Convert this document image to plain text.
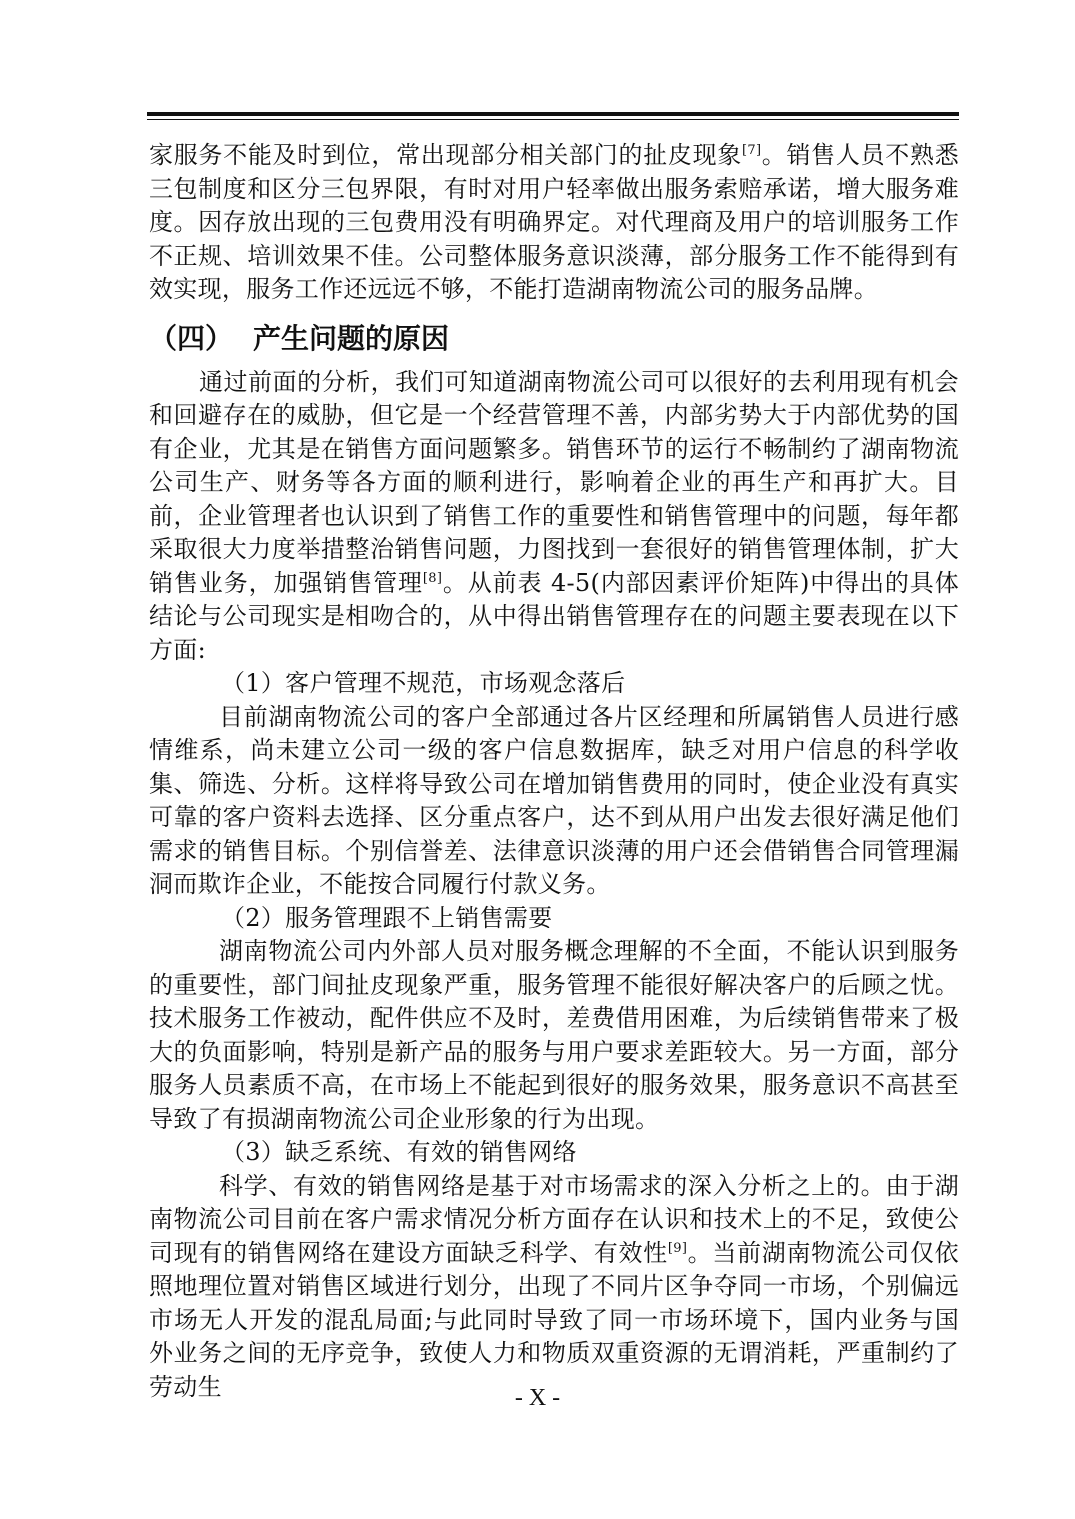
家服务不能及时到位，常出现部分相关部门的扯皮现象[7]。销售人员不熟悉三包制度和区分三包界限，有时对用户轻率做出服务索赔承诺，增大服务难度。因存放出现的三包费用没有明确界定。对代理商及用户的培训服务工作不正规、培训效果不佳。公司整体服务意识淡薄，部分服务工作不能得到有效实现，服务工作还远远不够，不能打造湖南物流公司的服务品牌。

（四） 产生问题的原因

通过前面的分析，我们可知道湖南物流公司可以很好的去利用现有机会和回避存在的威胁，但它是一个经营管理不善，内部劣势大于内部优势的国有企业，尤其是在销售方面问题繁多。销售环节的运行不畅制约了湖南物流公司生产、财务等各方面的顺利进行，影响着企业的再生产和再扩大。目前，企业管理者也认识到了销售工作的重要性和销售管理中的问题，每年都采取很大力度举措整治销售问题，力图找到一套很好的销售管理体制，扩大销售业务，加强销售管理[8]。从前表 4-5(内部因素评价矩阵)中得出的具体结论与公司现实是相吻合的，从中得出销售管理存在的问题主要表现在以下方面:

（1）客户管理不规范，市场观念落后

目前湖南物流公司的客户全部通过各片区经理和所属销售人员进行感情维系，尚未建立公司一级的客户信息数据库，缺乏对用户信息的科学收集、筛选、分析。这样将导致公司在增加销售费用的同时，使企业没有真实可靠的客户资料去选择、区分重点客户，达不到从用户出发去很好满足他们需求的销售目标。个别信誉差、法律意识淡薄的用户还会借销售合同管理漏洞而欺诈企业，不能按合同履行付款义务。

（2）服务管理跟不上销售需要

湖南物流公司内外部人员对服务概念理解的不全面，不能认识到服务的重要性，部门间扯皮现象严重，服务管理不能很好解决客户的后顾之忧。技术服务工作被动，配件供应不及时，差费借用困难，为后续销售带来了极大的负面影响，特别是新产品的服务与用户要求差距较大。另一方面，部分服务人员素质不高，在市场上不能起到很好的服务效果，服务意识不高甚至导致了有损湖南物流公司企业形象的行为出现。

（3）缺乏系统、有效的销售网络

科学、有效的销售网络是基于对市场需求的深入分析之上的。由于湖南物流公司目前在客户需求情况分析方面存在认识和技术上的不足，致使公司现有的销售网络在建设方面缺乏科学、有效性[9]。当前湖南物流公司仅依照地理位置对销售区域进行划分，出现了不同片区争夺同一市场，个别偏远市场无人开发的混乱局面;与此同时导致了同一市场环境下，国内业务与国外业务之间的无序竞争，致使人力和物质双重资源的无谓消耗，严重制约了劳动生	- X -
